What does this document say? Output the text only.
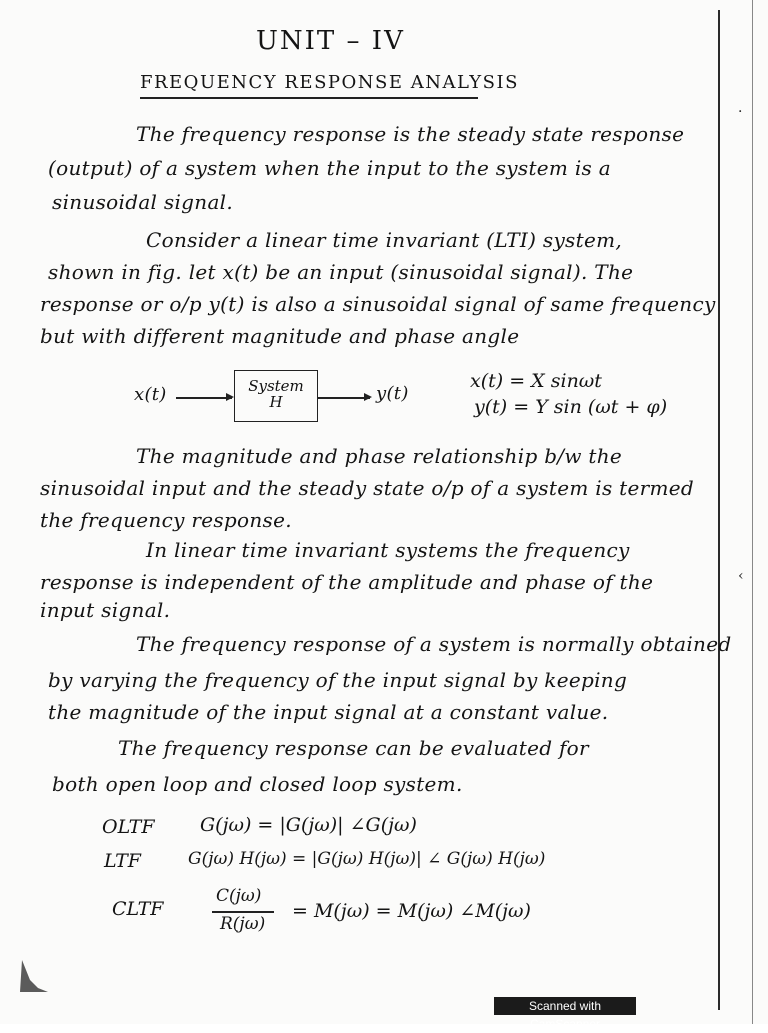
·
‹
UNIT – IV
FREQUENCY RESPONSE ANALYSIS
The frequency response is the steady state response
(output) of a system when the input to the system is a
sinusoidal signal.
Consider a linear time invariant (LTI) system,
shown in fig. let x(t) be an input (sinusoidal signal). The
response or o/p y(t) is also a sinusoidal signal of same frequency
but with different magnitude and phase angle
x(t)	System
H	y(t)
x(t) = X sinωt
y(t) = Y sin (ωt + φ)
The magnitude and phase relationship b/w the
sinusoidal input and the steady state o/p of a system is termed
the frequency response.
In linear time invariant systems the frequency
response is independent of the amplitude and phase of the
input signal.
The frequency response of a system is normally obtained
by varying the frequency of the input signal by keeping
the magnitude of the input signal at a constant value.
The frequency response can be evaluated for
both open loop and closed loop system.
OLTF G(jω) = |G(jω)| ∠G(jω)
LTF	G(jω) H(jω) = |G(jω) H(jω)| ∠ G(jω) H(jω)
CLTF
C(jω)
R(jω)
= M(jω) = M(jω) ∠M(jω)
Scanned with CamScanner
